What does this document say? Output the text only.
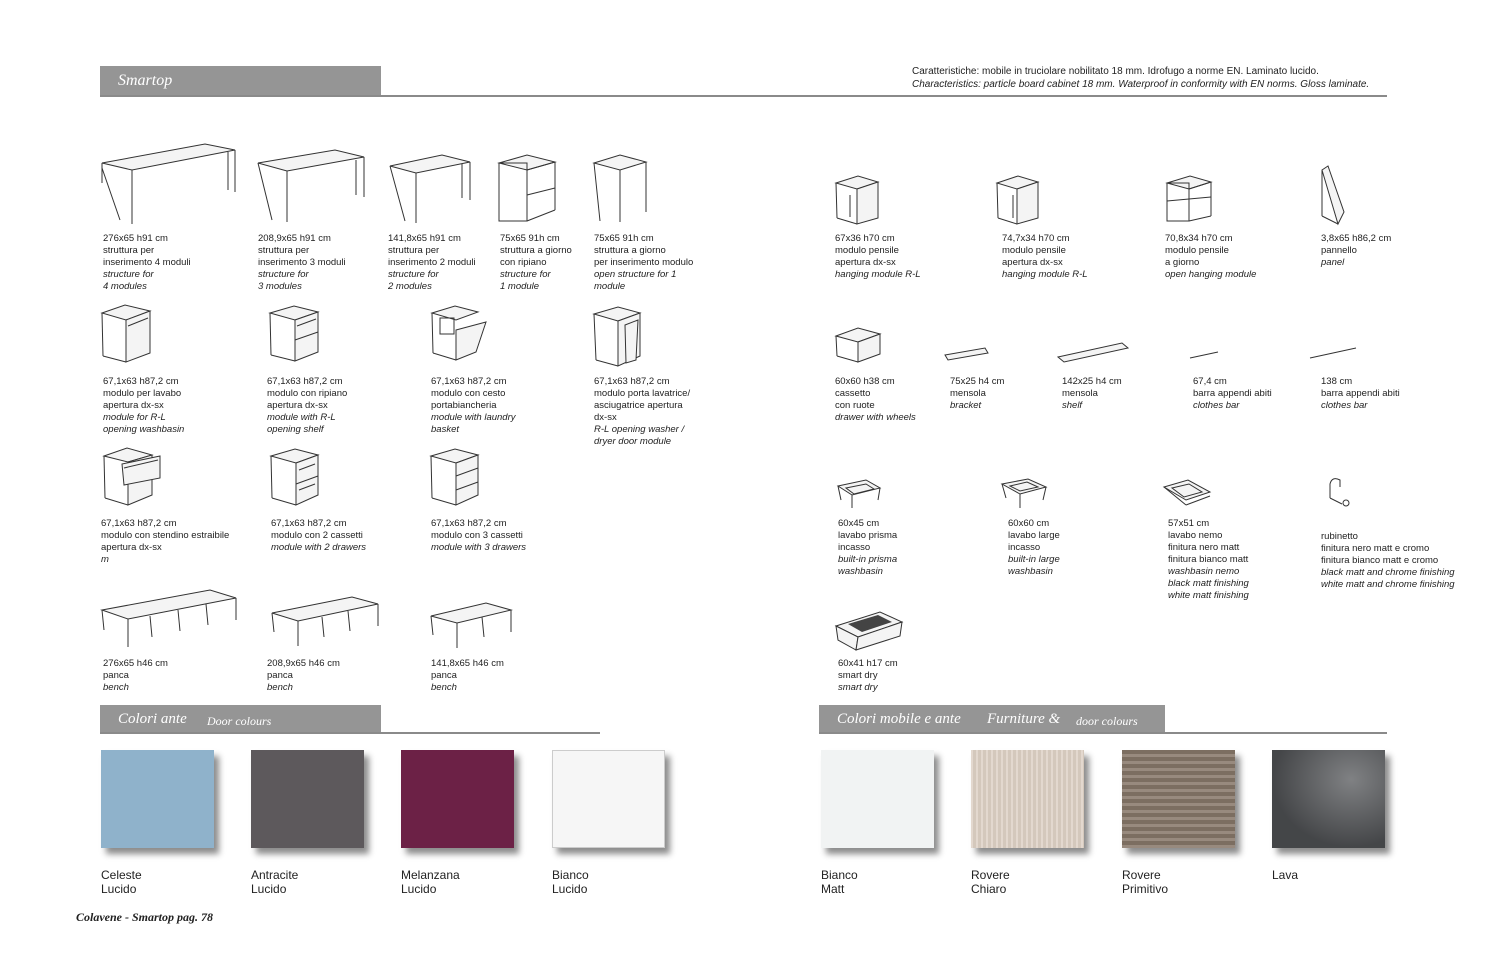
Smartop
Caratteristiche: mobile in truciolare nobilitato 18 mm. Idrofugo a norme EN. Laminato lucido.
Characteristics: particle board cabinet 18 mm. Waterproof in conformity with EN norms. Gloss laminate.
276x65 h91 cm
struttura per
inserimento 4 moduli
structure for
4 modules
208,9x65 h91 cm
struttura per
inserimento 3 moduli
structure for
3 modules
141,8x65 h91 cm
struttura per
inserimento 2 moduli
structure for
2 modules
75x65 91h cm
struttura a giorno
con ripiano
structure for
1 module
75x65 91h cm
struttura a giorno
per inserimento modulo
open structure for 1
module
67,1x63 h87,2 cm
modulo per lavabo
apertura dx-sx
module for R-L
opening washbasin
67,1x63 h87,2 cm
modulo con ripiano
apertura dx-sx
module with R-L
opening shelf
67,1x63 h87,2 cm
modulo con cesto
portabiancheria
module with laundry
basket
67,1x63 h87,2 cm
modulo porta lavatrice/
asciugatrice apertura
dx-sx
R-L opening washer /
dryer door module
67,1x63 h87,2 cm
modulo con stendino estraibile
apertura dx-sx
m
67,1x63 h87,2 cm
modulo con 2 cassetti
module with 2 drawers
67,1x63 h87,2 cm
modulo con 3 cassetti
module with 3 drawers
276x65 h46 cm
panca
bench
208,9x65 h46 cm
panca
bench
141,8x65 h46 cm
panca
bench
67x36 h70 cm
modulo pensile
apertura dx-sx
hanging module R-L
74,7x34 h70 cm
modulo pensile
apertura dx-sx
hanging module R-L
70,8x34 h70 cm
modulo pensile
a giorno
open hanging module
3,8x65 h86,2 cm
pannello
panel
60x60 h38 cm
cassetto
con ruote
drawer with wheels
75x25 h4 cm
mensola
bracket
142x25 h4 cm
mensola
shelf
67,4 cm
barra appendi abiti
clothes bar
138 cm
barra appendi abiti
clothes bar
60x45 cm
lavabo prisma
incasso
built-in prisma
washbasin
60x60 cm
lavabo large
incasso
built-in large
washbasin
57x51 cm
lavabo nemo
finitura nero matt
finitura bianco matt
washbasin nemo
black matt finishing
white matt finishing
rubinetto
finitura nero matt e cromo
finitura bianco matt e cromo
black matt and chrome finishing
white matt and chrome finishing
60x41 h17 cm
smart dry
smart dry
Colori ante Door colours	Colori mobile e ante Furniture & door colours
Celeste
Lucido
Antracite
Lucido
Melanzana
Lucido
Bianco
Lucido
Bianco
Matt
Rovere
Chiaro
Rovere
Primitivo
Lava
Colavene - Smartop pag. 78
